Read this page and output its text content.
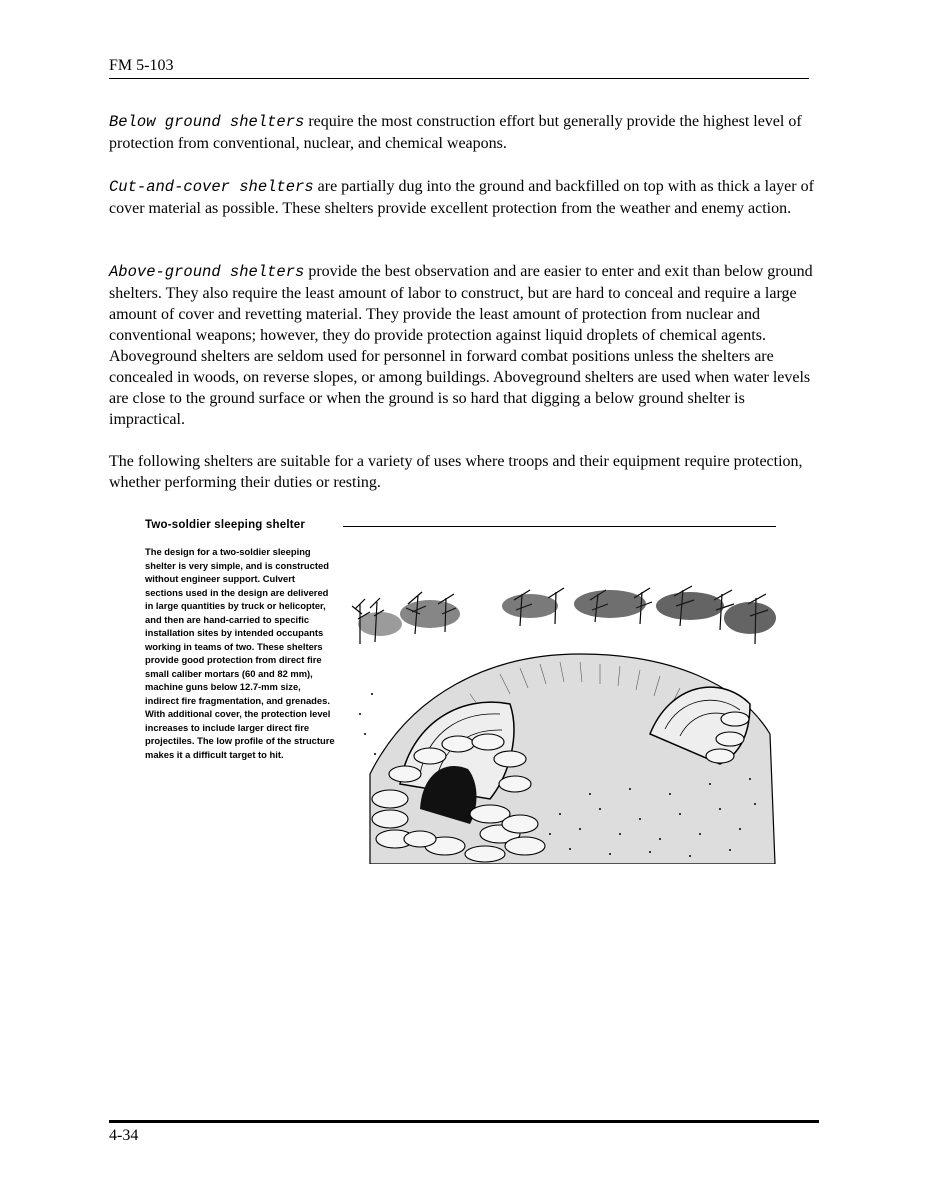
FM 5-103

Below ground shelters require the most construction effort but generally provide the highest level of protection from conventional, nuclear, and chemical weapons.

Cut-and-cover shelters are partially dug into the ground and backfilled on top with as thick a layer of cover material as possible. These shelters provide excellent protection from the weather and enemy action.

Above-ground shelters provide the best observation and are easier to enter and exit than below ground shelters. They also require the least amount of labor to construct, but are hard to conceal and require a large amount of cover and revetting material. They provide the least amount of protection from nuclear and conventional weapons; however, they do provide protection against liquid droplets of chemical agents. Aboveground shelters are seldom used for personnel in forward combat positions unless the shelters are concealed in woods, on reverse slopes, or among buildings. Aboveground shelters are used when water levels are close to the ground surface or when the ground is so hard that digging a below ground shelter is impractical.

The following shelters are suitable for a variety of uses where troops and their equipment require protection, whether performing their duties or resting.

Two-soldier sleeping shelter

The design for a two-soldier sleeping shelter is very simple, and is constructed without engineer support. Culvert sections used in the design are delivered in large quantities by truck or helicopter, and then are hand-carried to specific installation sites by intended occupants working in teams of two. These shelters provide good protection from direct fire small caliber mortars (60 and 82 mm), machine guns below 12.7-mm size, indirect fire fragmentation, and grenades. With additional cover, the protection level increases to include larger direct fire projectiles. The low profile of the structure makes it a difficult target to hit.

4-34
